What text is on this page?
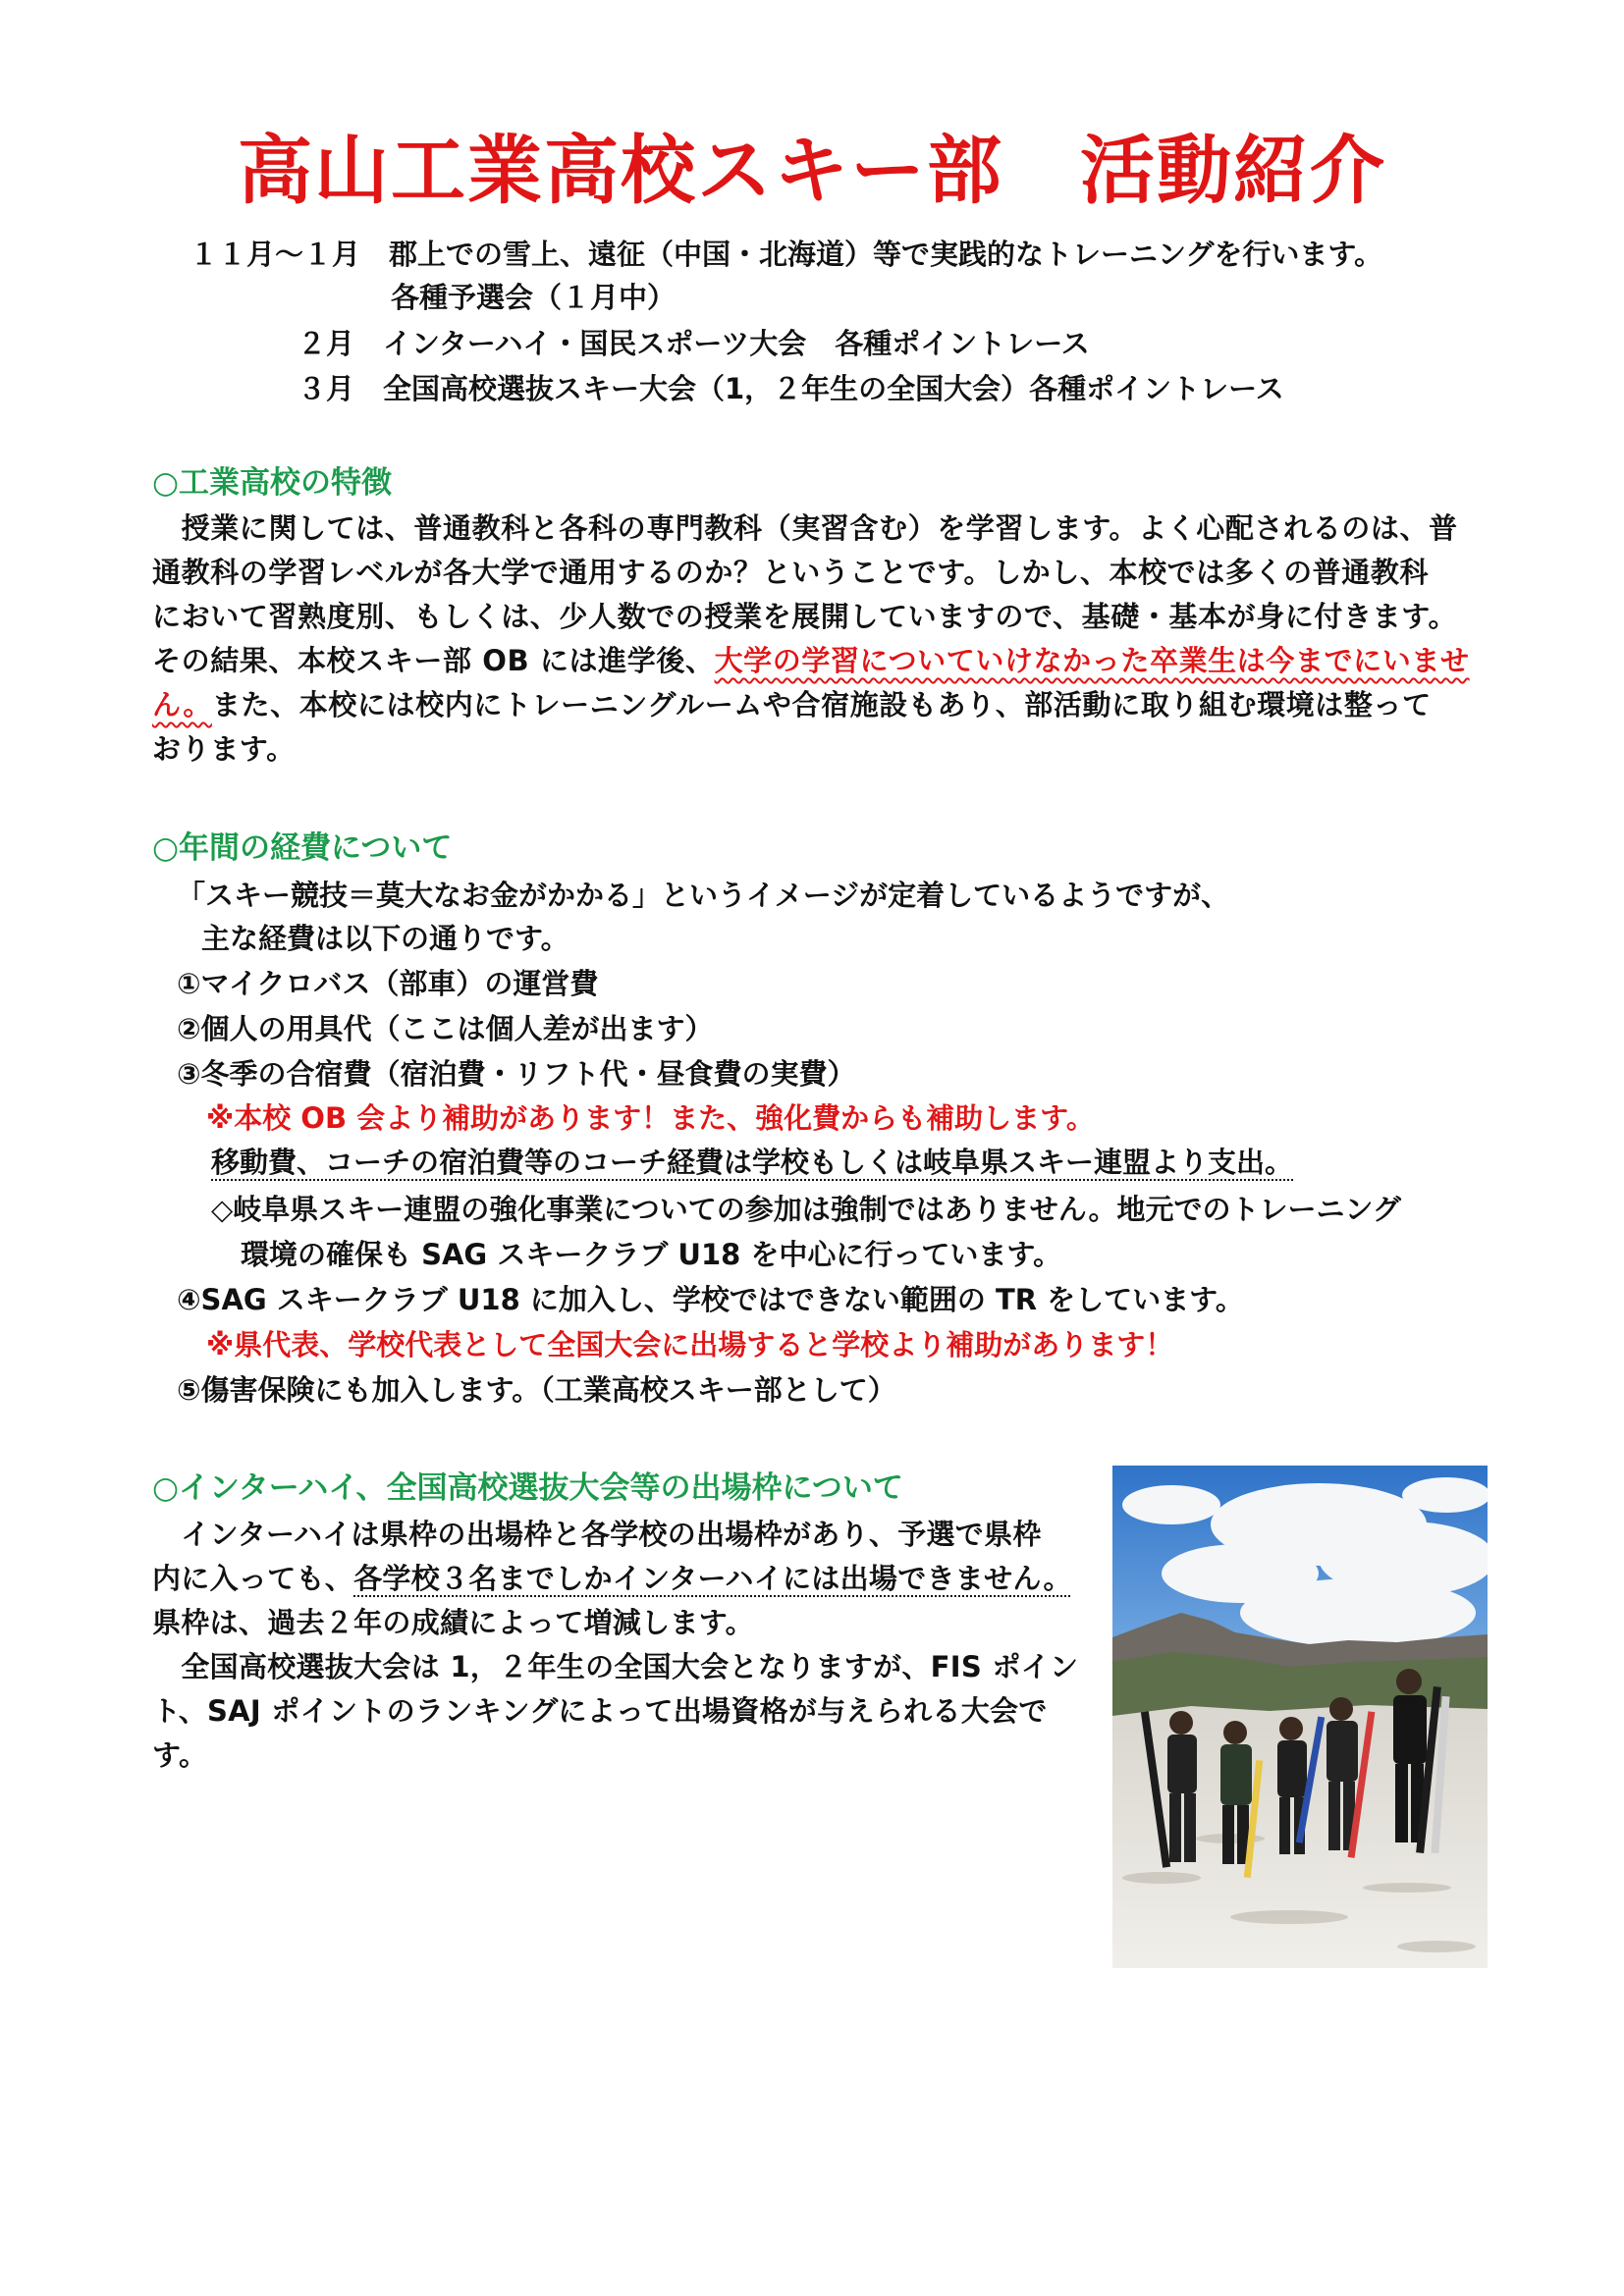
高山工業高校スキー部　活動紹介
１１月～１月　郡上での雪上、遠征（中国・北海道）等で実践的なトレーニングを行います。
各種予選会（１月中）
２月　インターハイ・国民スポーツ大会　各種ポイントレース
３月　全国高校選抜スキー大会（1，２年生の全国大会）各種ポイントレース
○工業高校の特徴
　授業に関しては、普通教科と各科の専門教科（実習含む）を学習します。よく心配されるのは、普
通教科の学習レベルが各大学で通用するのか？ということです。しかし、本校では多くの普通教科
において習熟度別、もしくは、少人数での授業を展開していますので、基礎・基本が身に付きます。
その結果、本校スキー部 OB には進学後、大学の学習についていけなかった卒業生は今までにいませ
ん。また、本校には校内にトレーニングルームや合宿施設もあり、部活動に取り組む環境は整って
おります。
○年間の経費について
「スキー競技＝莫大なお金がかかる」というイメージが定着しているようですが、
主な経費は以下の通りです。
①マイクロバス（部車）の運営費
②個人の用具代（ここは個人差が出ます）
③冬季の合宿費（宿泊費・リフト代・昼食費の実費）
※本校 OB 会より補助があります！また、強化費からも補助します。
移動費、コーチの宿泊費等のコーチ経費は学校もしくは岐阜県スキー連盟より支出。
◇岐阜県スキー連盟の強化事業についての参加は強制ではありません。地元でのトレーニング
環境の確保も SAG スキークラブ U18 を中心に行っています。
④SAG スキークラブ U18 に加入し、学校ではできない範囲の TR をしています。
※県代表、学校代表として全国大会に出場すると学校より補助があります！
⑤傷害保険にも加入します。（工業高校スキー部として）
○インターハイ、全国高校選抜大会等の出場枠について
　インターハイは県枠の出場枠と各学校の出場枠があり、予選で県枠
内に入っても、各学校３名までしかインターハイには出場できません。
県枠は、過去２年の成績によって増減します。
　全国高校選抜大会は 1，２年生の全国大会となりますが、FIS ポイン
ト、SAJ ポイントのランキングによって出場資格が与えられる大会で
す。
